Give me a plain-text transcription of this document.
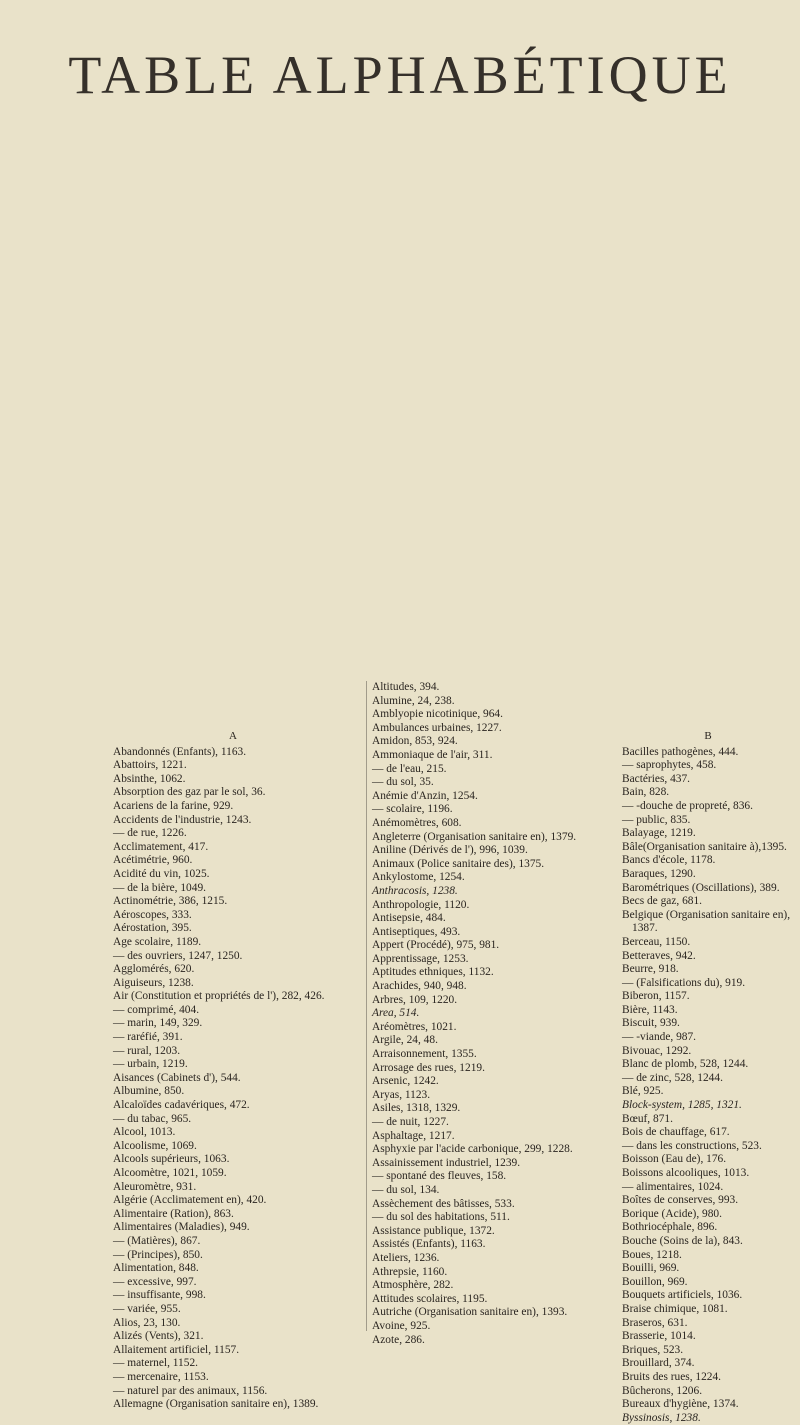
TABLE ALPHABÉTIQUE
A
Abandonnés (Enfants), 1163.
Abattoirs, 1221.
Absinthe, 1062.
Absorption des gaz par le sol, 36.
Acariens de la farine, 929.
Accidents de l'industrie, 1243.
— de rue, 1226.
Acclimatement, 417.
Acétimétrie, 960.
Acidité du vin, 1025.
— de la bière, 1049.
Actinométrie, 386, 1215.
Aéroscopes, 333.
Aérostation, 395.
Age scolaire, 1189.
— des ouvriers, 1247, 1250.
Agglomérés, 620.
Aiguiseurs, 1238.
Air (Constitution et propriétés de l'), 282, 426.
— comprimé, 404.
— marin, 149, 329.
— raréfié, 391.
— rural, 1203.
— urbain, 1219.
Aisances (Cabinets d'), 544.
Albumine, 850.
Alcaloïdes cadavériques, 472.
— du tabac, 965.
Alcool, 1013.
Alcoolisme, 1069.
Alcools supérieurs, 1063.
Alcoomètre, 1021, 1059.
Aleuromètre, 931.
Algérie (Acclimatement en), 420.
Alimentaire (Ration), 863.
Alimentaires (Maladies), 949.
— (Matières), 867.
— (Principes), 850.
Alimentation, 848.
— excessive, 997.
— insuffisante, 998.
— variée, 955.
Alios, 23, 130.
Alizés (Vents), 321.
Allaitement artificiel, 1157.
— maternel, 1152.
— mercenaire, 1153.
— naturel par des animaux, 1156.
Allemagne (Organisation sanitaire en), 1389.
Altitudes, 394.
Alumine, 24, 238.
Amblyopie nicotinique, 964.
Ambulances urbaines, 1227.
Amidon, 853, 924.
Ammoniaque de l'air, 311.
— de l'eau, 215.
— du sol, 35.
Anémie d'Anzin, 1254.
— scolaire, 1196.
Anémomètres, 608.
Angleterre (Organisation sanitaire en), 1379.
Aniline (Dérivés de l'), 996, 1039.
Animaux (Police sanitaire des), 1375.
Ankylostome, 1254.
Anthracosis, 1238.
Anthropologie, 1120.
Antisepsie, 484.
Antiseptiques, 493.
Appert (Procédé), 975, 981.
Apprentissage, 1253.
Aptitudes ethniques, 1132.
Arachides, 940, 948.
Arbres, 109, 1220.
Area, 514.
Aréomètres, 1021.
Argile, 24, 48.
Arraisonnement, 1355.
Arrosage des rues, 1219.
Arsenic, 1242.
Aryas, 1123.
Asiles, 1318, 1329.
— de nuit, 1227.
Asphaltage, 1217.
Asphyxie par l'acide carbonique, 299, 1228.
Assainissement industriel, 1239.
— spontané des fleuves, 158.
— du sol, 134.
Assèchement des bâtisses, 533.
— du sol des habitations, 511.
Assistance publique, 1372.
Assistés (Enfants), 1163.
Ateliers, 1236.
Athrepsie, 1160.
Atmosphère, 282.
Attitudes scolaires, 1195.
Autriche (Organisation sanitaire en), 1393.
Avoine, 925.
Azote, 286.
B
Bacilles pathogènes, 444.
— saprophytes, 458.
Bactéries, 437.
Bain, 828.
— -douche de propreté, 836.
— public, 835.
Balayage, 1219.
Bâle(Organisation sanitaire à),1395.
Bancs d'école, 1178.
Baraques, 1290.
Barométriques (Oscillations), 389.
Becs de gaz, 681.
Belgique (Organisation sanitaire en), 1387.
Berceau, 1150.
Betteraves, 942.
Beurre, 918.
— (Falsifications du), 919.
Biberon, 1157.
Bière, 1143.
Biscuit, 939.
— -viande, 987.
Bivouac, 1292.
Blanc de plomb, 528, 1244.
— de zinc, 528, 1244.
Blé, 925.
Block-system, 1285, 1321.
Bœuf, 871.
Bois de chauffage, 617.
— dans les constructions, 523.
Boisson (Eau de), 176.
Boissons alcooliques, 1013.
— alimentaires, 1024.
Boîtes de conserves, 993.
Borique (Acide), 980.
Bothriocéphale, 896.
Bouche (Soins de la), 843.
Boues, 1218.
Bouilli, 969.
Bouillon, 969.
Bouquets artificiels, 1036.
Braise chimique, 1081.
Braseros, 631.
Brasserie, 1014.
Briques, 523.
Brouillard, 374.
Bruits des rues, 1224.
Bûcherons, 1206.
Bureaux d'hygiène, 1374.
Byssinosis, 1238.
